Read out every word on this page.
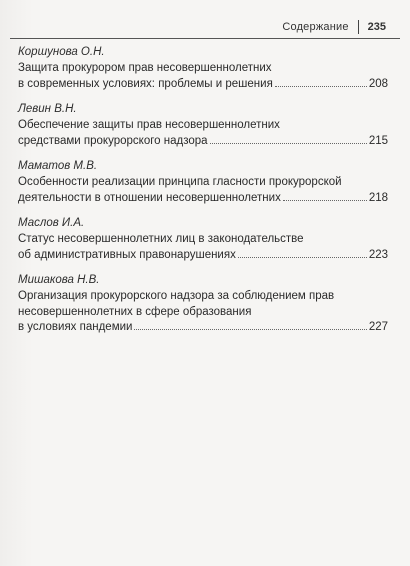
Содержание 235
Коршунова О.Н.
Защита прокурором прав несовершеннолетних
в современных условиях: проблемы и решения	208
Левин В.Н.
Обеспечение защиты прав несовершеннолетних
средствами прокурорского надзора	215
Маматов М.В.
Особенности реализации принципа гласности прокурорской
деятельности в отношении несовершеннолетних	218
Маслов И.А.
Статус несовершеннолетних лиц в законодательстве
об административных правонарушениях	223
Мишакова Н.В.
Организация прокурорского надзора за соблюдением прав
несовершеннолетних в сфере образования
в условиях пандемии	227
